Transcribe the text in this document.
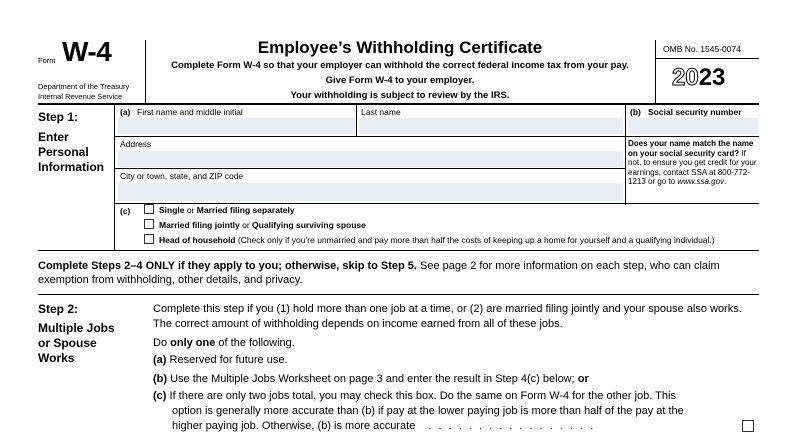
Form W-4
Department of the Treasury
Internal Revenue Service
Employee’s Withholding Certificate
Complete Form W-4 so that your employer can withhold the correct federal income tax from your pay.
Give Form W-4 to your employer.
Your withholding is subject to review by the IRS.
OMB No. 1545-0074
2023
Step 1:
Enter
Personal
Information
(a) First name and middle initial	Last name	(b) Social security number
Address
City or town, state, and ZIP code
Does your name match the name on your social security card? If not, to ensure you get credit for your earnings, contact SSA at 800-772-1213 or go to www.ssa.gov.
(c)	Single or Married filing separately
Married filing jointly or Qualifying surviving spouse
Head of household (Check only if you’re unmarried and pay more than half the costs of keeping up a home for yourself and a qualifying individual.)
Complete Steps 2–4 ONLY if they apply to you; otherwise, skip to Step 5. See page 2 for more information on each step, who can claim exemption from withholding, other details, and privacy.
Step 2:
Multiple Jobs
or Spouse
Works
Complete this step if you (1) hold more than one job at a time, or (2) are married filing jointly and your spouse also works. The correct amount of withholding depends on income earned from all of these jobs.
Do only one of the following.
(a) Reserved for future use.
(b) Use the Multiple Jobs Worksheet on page 3 and enter the result in Step 4(c) below; or
(c) If there are only two jobs total, you may check this box. Do the same on Form W-4 for the other job. This
option is generally more accurate than (b) if pay at the lower paying job is more than half of the pay at the
higher paying job. Otherwise, (b) is more accurate . . . . . . . . . . . . . . . . .
